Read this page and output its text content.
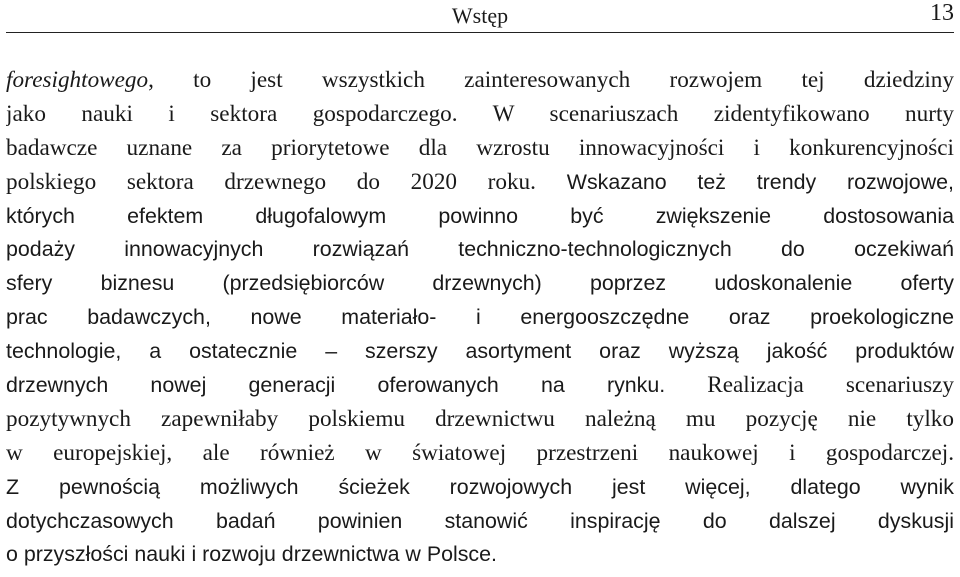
Wstęp	13
foresightowego, to jest wszystkich zainteresowanych rozwojem tej dziedziny
jako nauki i sektora gospodarczego. W scenariuszach zidentyfikowano nurty
badawcze uznane za priorytetowe dla wzrostu innowacyjności i konkurencyjności
polskiego sektora drzewnego do 2020 roku. Wskazano też trendy rozwojowe,
których efektem długofalowym powinno być zwiększenie dostosowania
podaży innowacyjnych rozwiązań techniczno-technologicznych do oczekiwań
sfery biznesu (przedsiębiorców drzewnych) poprzez udoskonalenie oferty
prac badawczych, nowe materiało- i energooszczędne oraz proekologiczne
technologie, a ostatecznie – szerszy asortyment oraz wyższą jakość produktów
drzewnych nowej generacji oferowanych na rynku. Realizacja scenariuszy
pozytywnych zapewniłaby polskiemu drzewnictwu należną mu pozycję nie tylko
w europejskiej, ale również w światowej przestrzeni naukowej i gospodarczej.
Z pewnością możliwych ścieżek rozwojowych jest więcej, dlatego wynik
dotychczasowych badań powinien stanowić inspirację do dalszej dyskusji
o przyszłości nauki i rozwoju drzewnictwa w Polsce.
